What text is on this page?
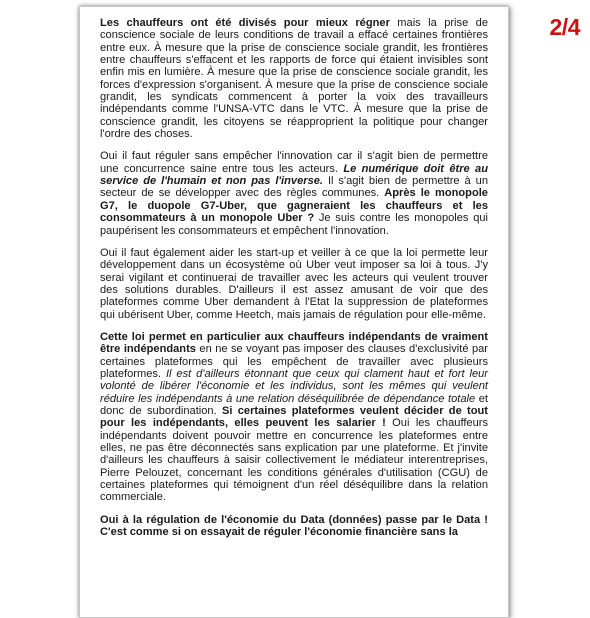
2/4

Les chauffeurs ont été divisés pour mieux régner mais la prise de conscience sociale de leurs conditions de travail a effacé certaines frontières entre eux. À mesure que la prise de conscience sociale grandit, les frontières entre chauffeurs s'effacent et les rapports de force qui étaient invisibles sont enfin mis en lumière. À mesure que la prise de conscience sociale grandit, les forces d'expression s'organisent. À mesure que la prise de conscience sociale grandit, les syndicats commencent à porter la voix des travailleurs indépendants comme l'UNSA-VTC dans le VTC. À mesure que la prise de conscience grandit, les citoyens se réapproprient la politique pour changer l'ordre des choses.

Oui il faut réguler sans empêcher l'innovation car il s'agit bien de permettre une concurrence saine entre tous les acteurs. Le numérique doit être au service de l'humain et non pas l'inverse. Il s'agit bien de permettre à un secteur de se développer avec des règles communes. Après le monopole G7, le duopole G7-Uber, que gagneraient les chauffeurs et les consommateurs à un monopole Uber ? Je suis contre les monopoles qui paupérisent les consommateurs et empêchent l'innovation.

Oui il faut également aider les start-up et veiller à ce que la loi permette leur développement dans un écosystème où Uber veut imposer sa loi à tous. J'y serai vigilant et continuerai de travailler avec les acteurs qui veulent trouver des solutions durables. D'ailleurs il est assez amusant de voir que des plateformes comme Uber demandent à l'Etat la suppression de plateformes qui ubérisent Uber, comme Heetch, mais jamais de régulation pour elle-même.

Cette loi permet en particulier aux chauffeurs indépendants de vraiment être indépendants en ne se voyant pas imposer des clauses d'exclusivité par certaines plateformes qui les empêchent de travailler avec plusieurs plateformes. Il est d'ailleurs étonnant que ceux qui clament haut et fort leur volonté de libérer l'économie et les individus, sont les mêmes qui veulent réduire les indépendants à une relation déséquilibrée de dépendance totale et donc de subordination. Si certaines plateformes veulent décider de tout pour les indépendants, elles peuvent les salarier ! Oui les chauffeurs indépendants doivent pouvoir mettre en concurrence les plateformes entre elles, ne pas être déconnectés sans explication par une plateforme. Et j'invite d'ailleurs les chauffeurs à saisir collectivement le médiateur interentreprises, Pierre Pelouzet, concernant les conditions générales d'utilisation (CGU) de certaines plateformes qui témoignent d'un réel déséquilibre dans la relation commerciale.

Oui à la régulation de l'économie du Data (données) passe par le Data ! C'est comme si on essayait de réguler l'économie financière sans la
